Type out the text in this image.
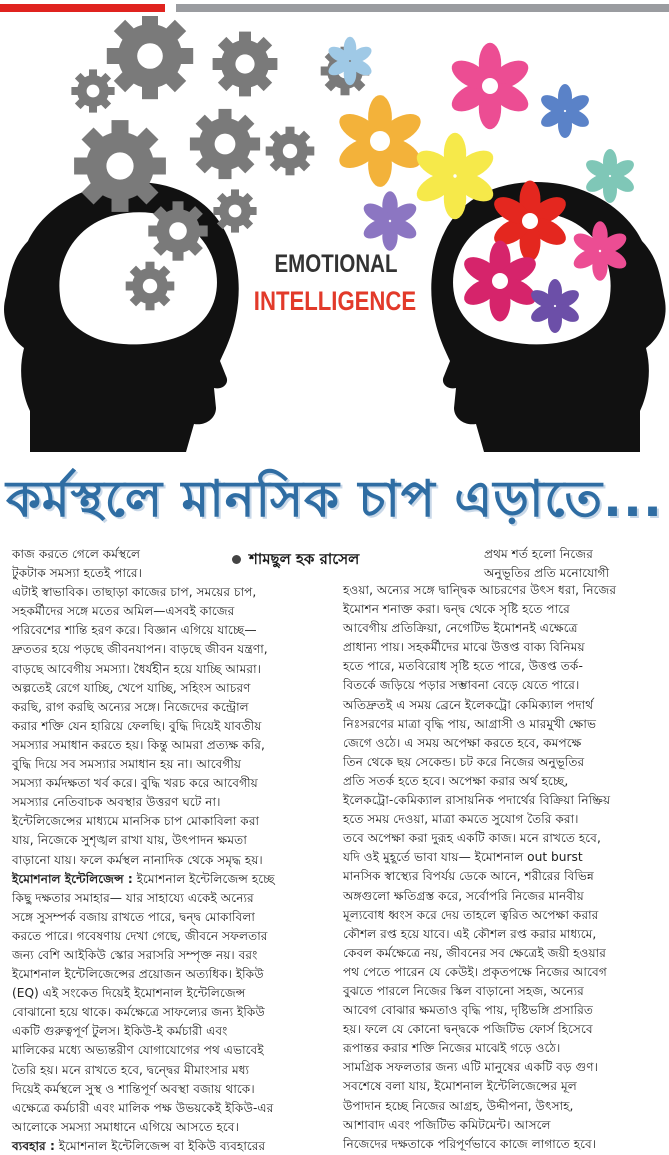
EMOTIONAL
INTELLIGENCE
কর্মস্থলে মানসিক চাপ এড়াতে...
শামছুল হক রাসেল

কাজ করতে গেলে কর্মস্থলে

টুকটাক সমস্যা হতেই পারে।

এটাই স্বাভাবিক। তাছাড়া কাজের চাপ, সময়ের চাপ,

সহকর্মীদের সঙ্গে মতের অমিল—এসবই কাজের

পরিবেশের শান্তি হরণ করে। বিজ্ঞান এগিয়ে যাচ্ছে—

দ্রুততর হয়ে পড়ছে জীবনযাপন। বাড়ছে জীবন যন্ত্রণা,

বাড়ছে আবেগীয় সমস্যা। ধৈর্যহীন হয়ে যাচ্ছি আমরা।

অল্পতেই রেগে যাচ্ছি, খেপে যাচ্ছি, সহিংস আচরণ

করছি, রাগ করছি অন্যের সঙ্গে। নিজেদের কন্ট্রোল

করার শক্তি যেন হারিয়ে ফেলছি। বুদ্ধি দিয়েই যাবতীয়

সমস্যার সমাধান করতে হয়। কিন্তু আমরা প্রত্যক্ষ করি,

বুদ্ধি দিয়ে সব সমস্যার সমাধান হয় না। আবেগীয়

সমস্যা কর্মদক্ষতা খর্ব করে। বুদ্ধি খরচ করে আবেগীয়

সমস্যার নেতিবাচক অবস্থার উত্তরণ ঘটে না।

ইন্টেলিজেন্সের মাধ্যমে মানসিক চাপ মোকাবিলা করা

যায়, নিজেকে সুশৃঙ্খল রাখা যায়, উৎপাদন ক্ষমতা

বাড়ানো যায়। ফলে কর্মস্থল নানাদিক থেকে সমৃদ্ধ হয়।

ইমোশনাল ইন্টেলিজেন্স : ইমোশনাল ইন্টেলিজেন্স হচ্ছে

কিছু দক্ষতার সমাহার— যার সাহায্যে একেই অন্যের

সঙ্গে সুসম্পর্ক বজায় রাখতে পারে, দ্বন্দ্ব মোকাবিলা

করতে পারে। গবেষণায় দেখা গেছে, জীবনে সফলতার

জন্য বেশি আইকিউ স্কোর সরাসরি সম্পৃক্ত নয়। বরং

ইমোশনাল ইন্টেলিজেন্সের প্রয়োজন অত্যধিক। ইকিউ

(EQ) এই সংকেত দিয়েই ইমোশনাল ইন্টেলিজেন্স

বোঝানো হয়ে থাকে। কর্মক্ষেত্রে সাফল্যের জন্য ইকিউ

একটি গুরুত্বপূর্ণ টুলস। ইকিউ-ই কর্মচারী এবং

মালিকের মধ্যে অভ্যন্তরীণ যোগাযোগের পথ এভাবেই

তৈরি হয়। মনে রাখতে হবে, দ্বন্দ্বের মীমাংসার মধ্য

দিয়েই কর্মস্থলে সুস্থ ও শান্তিপূর্ণ অবস্থা বজায় থাকে।

এক্ষেত্রে কর্মচারী এবং মালিক পক্ষ উভয়কেই ইকিউ-এর

আলোকে সমস্যা সমাধানে এগিয়ে আসতে হবে।

ব্যবহার : ইমোশনাল ইন্টেলিজেন্স বা ইকিউ ব্যবহারের

প্রথম শর্ত হলো নিজের

অনুভূতির প্রতি মনোযোগী

হওয়া, অন্যের সঙ্গে দ্বান্দ্বিক আচরণের উৎস ধরা, নিজের

ইমোশন শনাক্ত করা। দ্বন্দ্ব থেকে সৃষ্টি হতে পারে

আবেগীয় প্রতিক্রিয়া, নেগেটিভ ইমোশনই এক্ষেত্রে

প্রাধান্য পায়। সহকর্মীদের মাঝে উত্তপ্ত বাক্য বিনিময়

হতে পারে, মতবিরোধ সৃষ্টি হতে পারে, উত্তপ্ত তর্ক-

বিতর্কে জড়িয়ে পড়ার সম্ভাবনা বেড়ে যেতে পারে।

অতিদ্রুতই এ সময় ব্রেনে ইলেকট্রো কেমিক্যাল পদার্থ

নিঃসরণের মাত্রা বৃদ্ধি পায়, আগ্রাসী ও মারমুখী ক্ষোভ

জেগে ওঠে। এ সময় অপেক্ষা করতে হবে, কমপক্ষে

তিন থেকে ছয় সেকেন্ড। চট করে নিজের অনুভূতির

প্রতি সতর্ক হতে হবে। অপেক্ষা করার অর্থ হচ্ছে,

ইলেকট্রো-কেমিক্যাল রাসায়নিক পদার্থের বিক্রিয়া নিষ্ক্রিয়

হতে সময় দেওয়া, মাত্রা কমতে সুযোগ তৈরি করা।

তবে অপেক্ষা করা দুরূহ একটি কাজ। মনে রাখতে হবে,

যদি ওই মুহূর্তে ভাবা যায়— ইমোশনাল out burst

মানসিক স্বাস্থ্যের বিপর্যয় ডেকে আনে, শরীরের বিভিন্ন

অঙ্গগুলো ক্ষতিগ্রস্ত করে, সর্বোপরি নিজের মানবীয়

মূল্যবোধ ধ্বংস করে দেয় তাহলে ত্বরিত অপেক্ষা করার

কৌশল রপ্ত হয়ে যাবে। এই কৌশল রপ্ত করার মাধ্যমে,

কেবল কর্মক্ষেত্রে নয়, জীবনের সব ক্ষেত্রেই জয়ী হওয়ার

পথ পেতে পারেন যে কেউই। প্রকৃতপক্ষে নিজের আবেগ

বুঝতে পারলে নিজের স্কিল বাড়ানো সহজ, অন্যের

আবেগ বোঝার ক্ষমতাও বৃদ্ধি পায়, দৃষ্টিভঙ্গি প্রসারিত

হয়। ফলে যে কোনো দ্বন্দ্বকে পজিটিভ ফোর্স হিসেবে

রূপান্তর করার শক্তি নিজের মাঝেই গড়ে ওঠে।

সামগ্রিক সফলতার জন্য এটি মানুষের একটি বড় গুণ।

সবশেষে বলা যায়, ইমোশনাল ইন্টেলিজেন্সের মূল

উপাদান হচ্ছে নিজের আগ্রহ, উদ্দীপনা, উৎসাহ,

আশাবাদ এবং পজিটিভ কমিটমেন্ট। আসলে

নিজেদের দক্ষতাকে পরিপূর্ণভাবে কাজে লাগাতে হবে।
